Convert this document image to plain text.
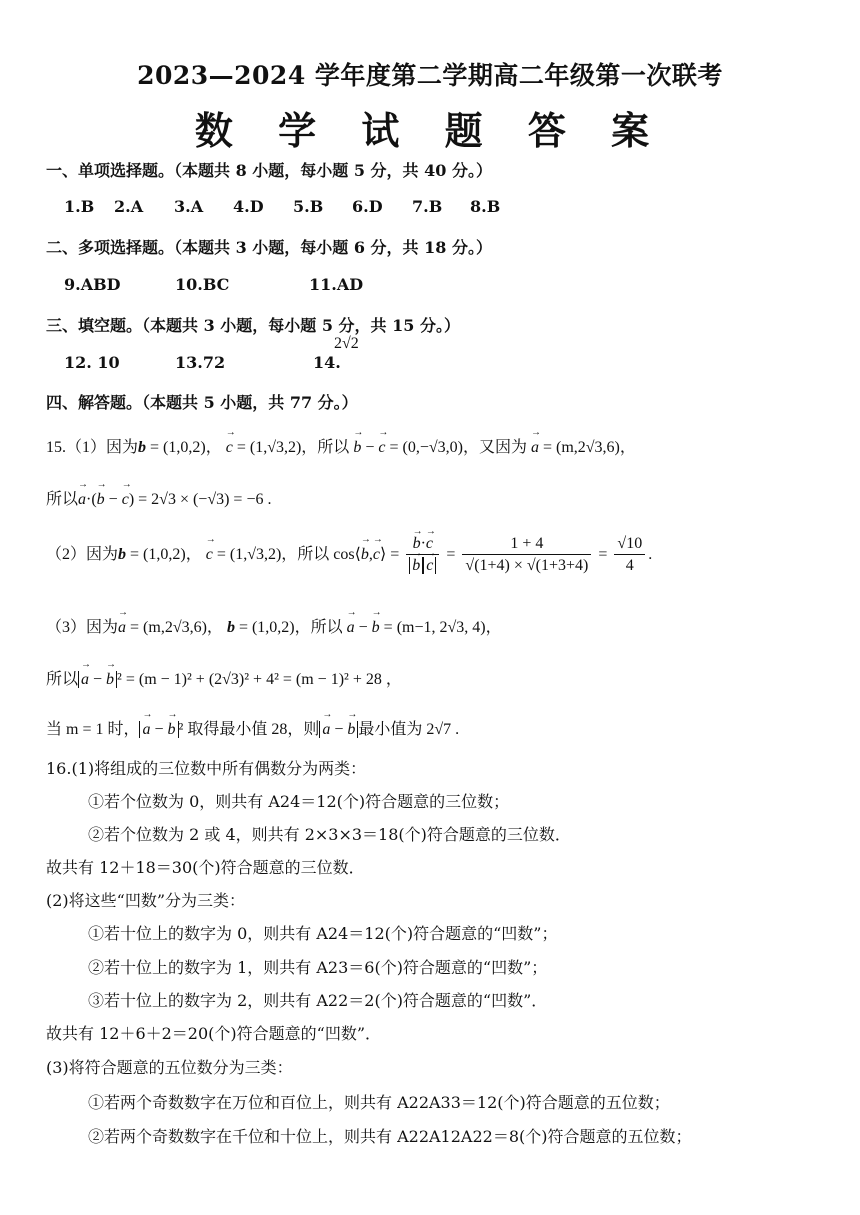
2023—2024 学年度第二学期高二年级第一次联考
数 学 试 题 答 案
一、单项选择题。（本题共 8 小题，每小题 5 分，共 40 分。）
1.B 2.A 3.A 4.D 5.B 6.D 7.B 8.B
二、多项选择题。（本题共 3 小题，每小题 6 分，共 18 分。）
9.ABD	10.BC	11.AD
三、填空题。（本题共 3 小题，每小题 5 分，共 15 分。）
12. 10	13.72	14.
2√2
四、解答题。（本题共 5 小题，共 77 分。）
15.（1）因为b = (1,0,2)， → c = (1,√3,2)，所以 → b − → c = (0,−√3,0)，又因为 → a = (m,2√3,6)，
所以→ a·(→ b − → c) = 2√3 × (−√3) = −6 .
（2）因为b = (1,0,2)， → c = (1,√3,2)，所以 cos⟨→ b,→ c⟩ = → b·→ c
→ $b \to c = \frac{1 + 4}{√(1+4) \times √(1+3+4)} = \frac{√10}{4}$ .
（3）因为→ a = (m,2√3,6)， b = (1,0,2)，所以 → a − → b = (m−1, 2√3, 4)，
所以 → a − → b ² = (m − 1)² + (2√3)² + 4² = (m − 1)² + 28 ，
当 m = 1 时， → a − → b ² 取得最小值 28，则 → a − → b 最小值为 2√7 .
16.(1)将组成的三位数中所有偶数分为两类：
①若个位数为 0，则共有 A24＝12(个)符合题意的三位数；
②若个位数为 2 或 4，则共有 2×3×3＝18(个)符合题意的三位数．
故共有 12＋18＝30(个)符合题意的三位数．
(2)将这些“凹数”分为三类：
①若十位上的数字为 0，则共有 A24＝12(个)符合题意的“凹数”；
②若十位上的数字为 1，则共有 A23＝6(个)符合题意的“凹数”；
③若十位上的数字为 2，则共有 A22＝2(个)符合题意的“凹数”．
故共有 12＋6＋2＝20(个)符合题意的“凹数”．
(3)将符合题意的五位数分为三类：
①若两个奇数数字在万位和百位上，则共有 A22A33＝12(个)符合题意的五位数；
②若两个奇数数字在千位和十位上，则共有 A22A12A22＝8(个)符合题意的五位数；
